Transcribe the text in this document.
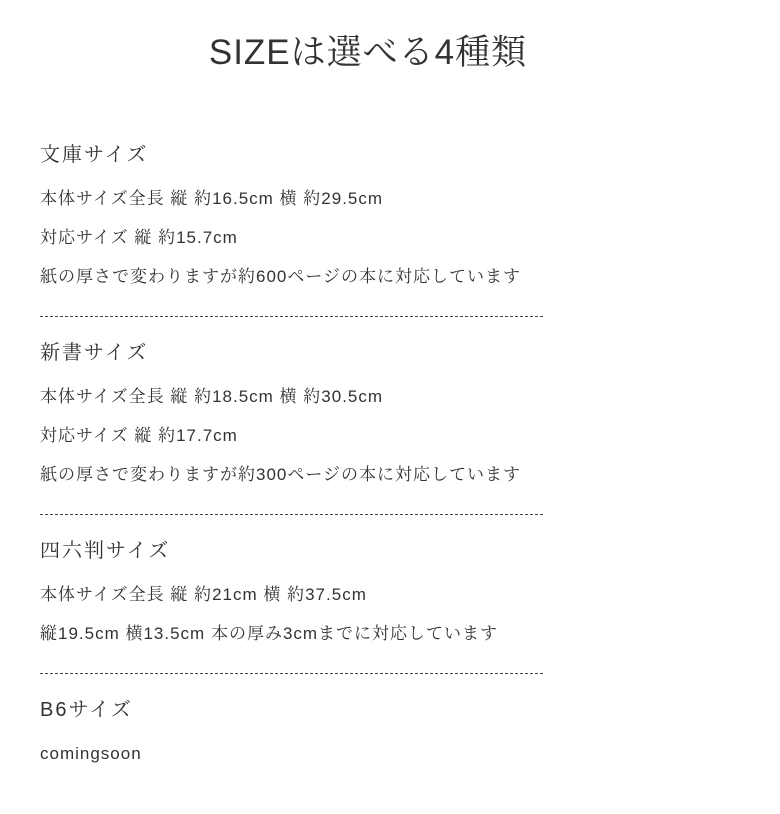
SIZEは選べる4種類
文庫サイズ

本体サイズ全長 縦 約16.5cm 横 約29.5cm

対応サイズ 縦 約15.7cm

紙の厚さで変わりますが約600ページの本に対応しています

新書サイズ

本体サイズ全長 縦 約18.5cm 横 約30.5cm

対応サイズ 縦 約17.7cm

紙の厚さで変わりますが約300ページの本に対応しています

四六判サイズ

本体サイズ全長 縦 約21cm 横 約37.5cm

縦19.5cm 横13.5cm 本の厚み3cmまでに対応しています

B6サイズ

comingsoon
